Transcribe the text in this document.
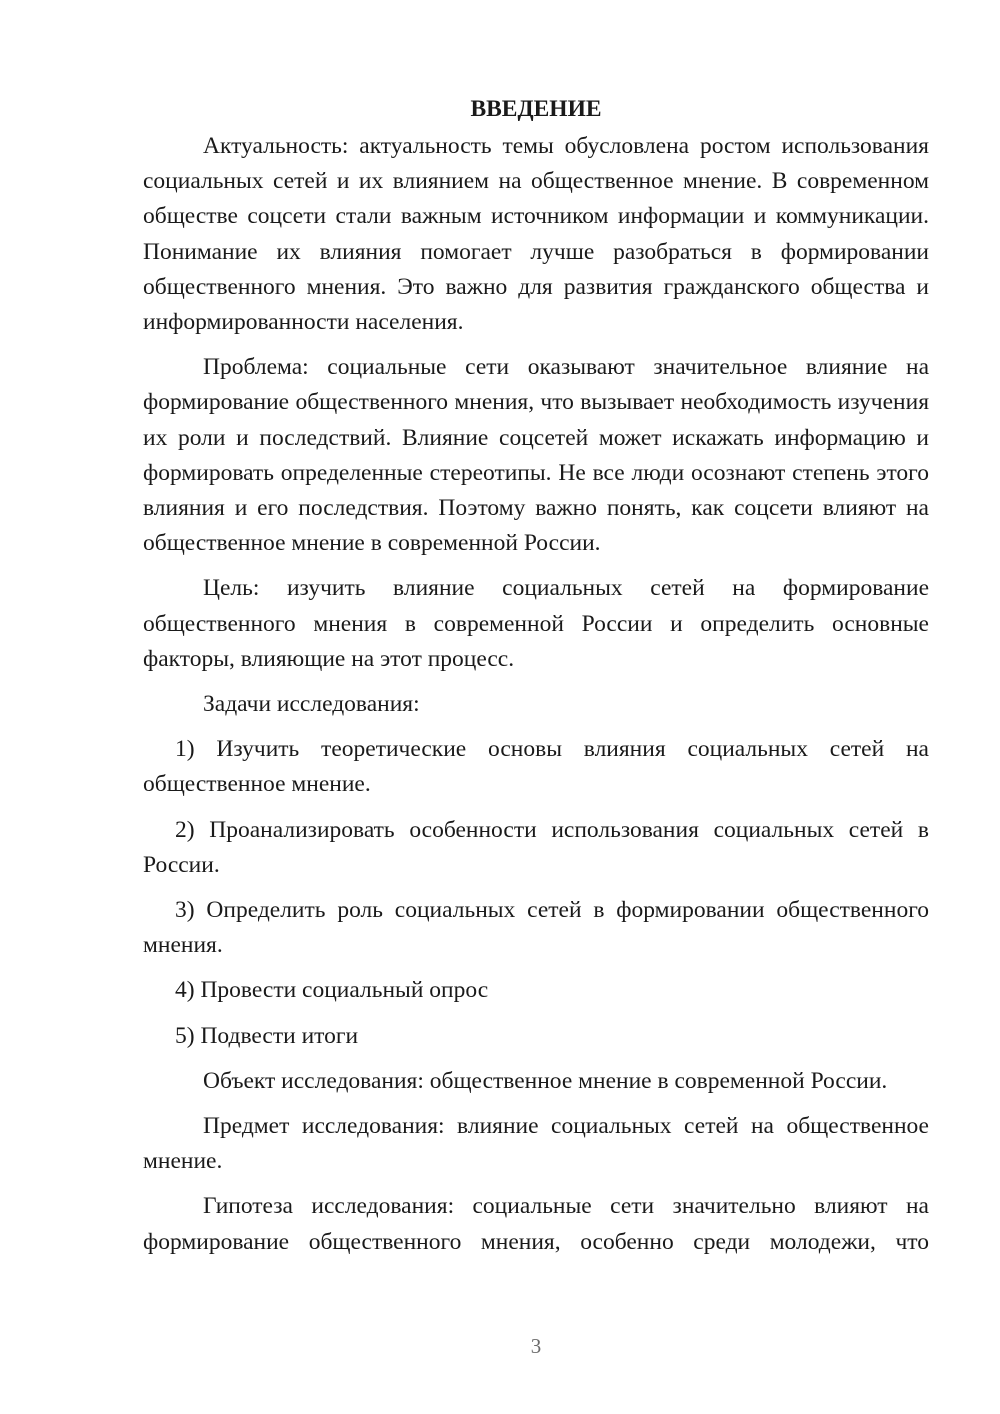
ВВЕДЕНИЕ

Актуальность: актуальность темы обусловлена ростом использования социальных сетей и их влиянием на общественное мнение. В современном обществе соцсети стали важным источником информации и коммуникации. Понимание их влияния помогает лучше разобраться в формировании общественного мнения. Это важно для развития гражданского общества и информированности населения.

Проблема: социальные сети оказывают значительное влияние на формирование общественного мнения, что вызывает необходимость изучения их роли и последствий. Влияние соцсетей может искажать информацию и формировать определенные стереотипы. Не все люди осознают степень этого влияния и его последствия. Поэтому важно понять, как соцсети влияют на общественное мнение в современной России.

Цель: изучить влияние социальных сетей на формирование общественного мнения в современной России и определить основные факторы, влияющие на этот процесс.

Задачи исследования:

1) Изучить теоретические основы влияния социальных сетей на общественное мнение.

2) Проанализировать особенности использования социальных сетей в России.

3) Определить роль социальных сетей в формировании общественного мнения.

4) Провести социальный опрос

5) Подвести итоги

Объект исследования: общественное мнение в современной России.

Предмет исследования: влияние социальных сетей на общественное мнение.

Гипотеза исследования: социальные сети значительно влияют на формирование общественного мнения, особенно среди молодежи, что

3
